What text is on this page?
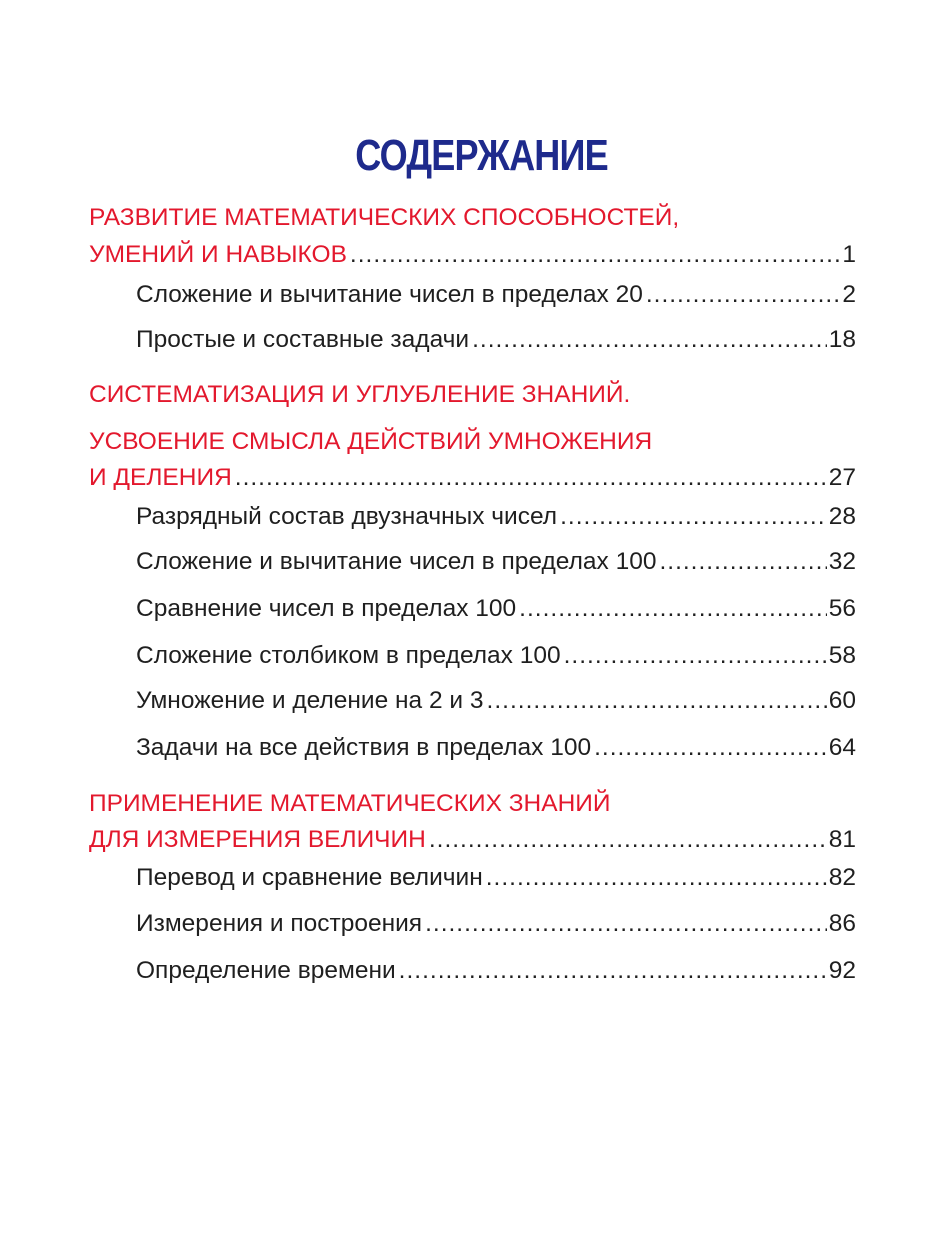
СОДЕРЖАНИЕ
РАЗВИТИЕ МАТЕМАТИЧЕСКИХ СПОСОБНОСТЕЙ,
УМЕНИЙ И НАВЫКОВ .....	1
Сложение и вычитание чисел в пределах 20 .....	2
Простые и составные задачи .....	18
СИСТЕМАТИЗАЦИЯ И УГЛУБЛЕНИЕ ЗНАНИЙ.
УСВОЕНИЕ СМЫСЛА ДЕЙСТВИЙ УМНОЖЕНИЯ
И ДЕЛЕНИЯ .....	27
Разрядный состав двузначных чисел .....	28
Сложение и вычитание чисел в пределах 100 .....	32
Сравнение чисел в пределах 100 .....	56
Сложение столбиком в пределах 100 .....	58
Умножение и деление на 2 и 3 .....	60
Задачи на все действия в пределах 100 .....	64
ПРИМЕНЕНИЕ МАТЕМАТИЧЕСКИХ ЗНАНИЙ
ДЛЯ ИЗМЕРЕНИЯ ВЕЛИЧИН .....	81
Перевод и сравнение величин .....	82
Измерения и построения .....	86
Определение времени .....	92
